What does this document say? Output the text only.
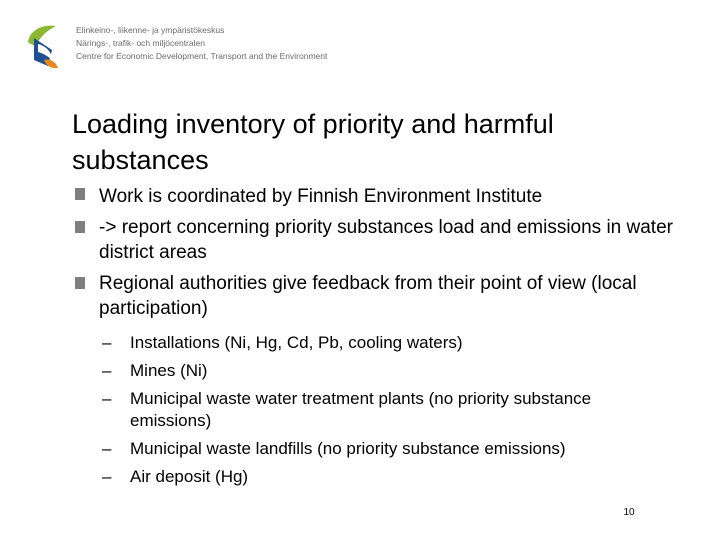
Elinkeino-, liikenne- ja ympäristökeskus
Närings-, trafik- och miljöcentralen
Centre for Economic Development, Transport and the Environment
Loading inventory of priority and harmful substances
Work is coordinated by Finnish Environment Institute
-> report concerning priority substances load and emissions in water district areas
Regional authorities give feedback from their point of view (local participation)
– Installations (Ni, Hg, Cd, Pb, cooling waters)
– Mines (Ni)
– Municipal waste water treatment plants (no priority substance emissions)
– Municipal waste landfills (no priority substance emissions)
– Air deposit (Hg)
10
